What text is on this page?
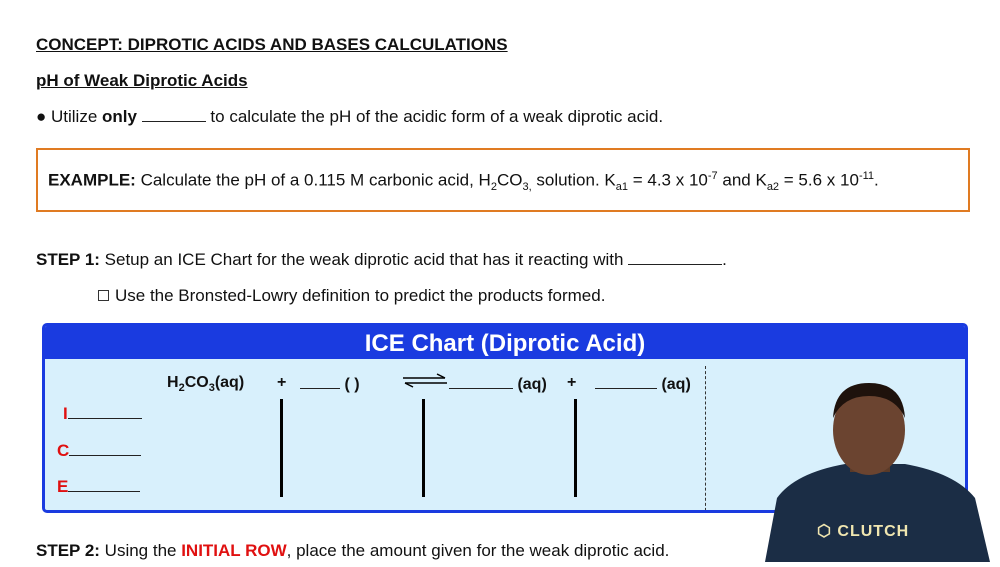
CONCEPT: DIPROTIC ACIDS AND BASES CALCULATIONS
pH of Weak Diprotic Acids
● Utilize only	to calculate the pH of the acidic form of a weak diprotic acid.
EXAMPLE: Calculate the pH of a 0.115 M carbonic acid, $H_2CO_{3,}$ solution. $K_{a1} = 4.3$ x $10^{-7}$ and $K_{a2} = 5.6$ x $10^{-11}$.
STEP 1: Setup an ICE Chart for the weak diprotic acid that has it reacting with	.
Use the Bronsted-Lowry definition to predict the products formed.
ICE Chart (Diprotic Acid)
$H_2CO_3(aq)$ +	( )	(aq) +	(aq)
I
C
E
STEP 2: Using the INITIAL ROW, place the amount given for the weak diprotic acid.
⬡ CLUTCH
